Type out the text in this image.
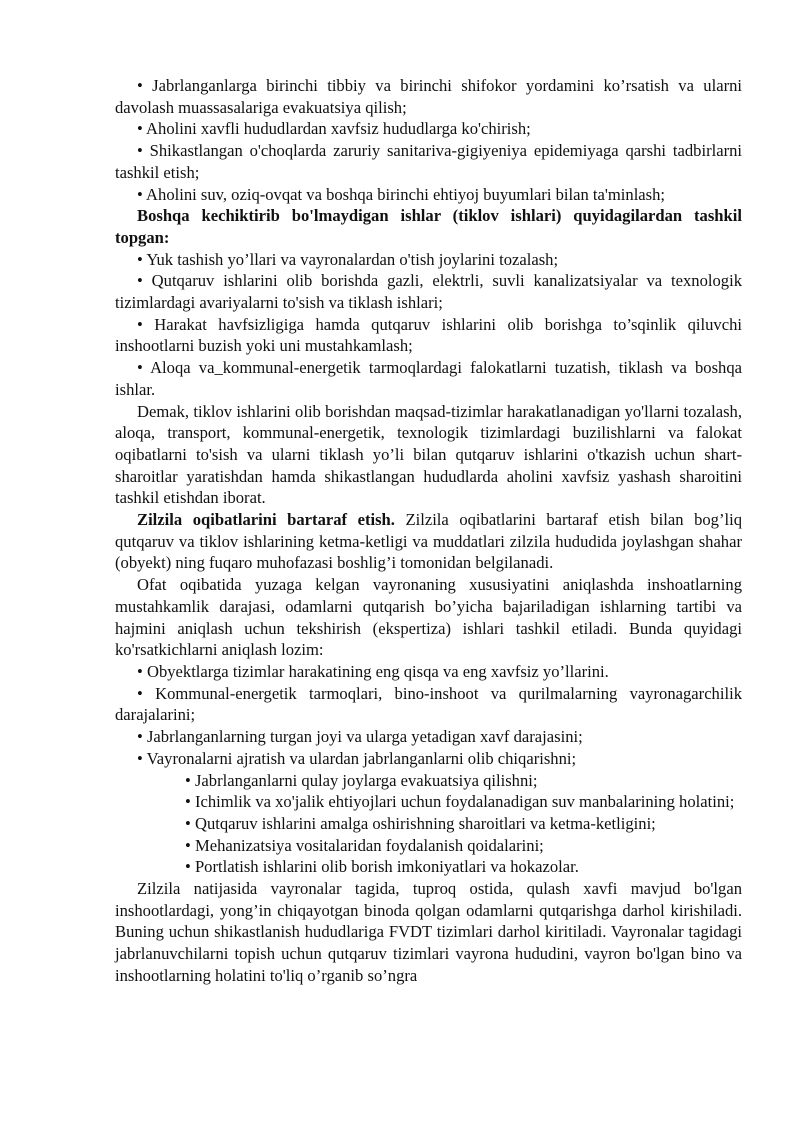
• Jabrlanganlarga birinchi tibbiy va birinchi shifokor yordamini ko’rsatish va ularni davolash muassasalariga evakuatsiya qilish;

• Aholini xavfli hududlardan xavfsiz hududlarga ko'chirish;

• Shikastlangan o'choqlarda zaruriy sanitariva-gigiyeniya epidemiyaga qarshi tadbirlarni tashkil etish;

• Aholini suv, oziq-ovqat va boshqa birinchi ehtiyoj buyumlari bilan ta'minlash;

Boshqa kechiktirib bo'lmaydigan ishlar (tiklov ishlari) quyidagilardan tashkil topgan:

• Yuk tashish yo’llari va vayronalardan o'tish joylarini tozalash;

• Qutqaruv ishlarini olib borishda gazli, elektrli, suvli kanalizatsiyalar va texnologik tizimlardagi avariyalarni to'sish va tiklash ishlari;

• Harakat havfsizligiga hamda qutqaruv ishlarini olib borishga to’sqinlik qiluvchi inshootlarni buzish yoki uni mustahkamlash;

• Aloqa va_kommunal-energetik tarmoqlardagi falokatlarni tuzatish, tiklash va boshqa ishlar.

Demak, tiklov ishlarini olib borishdan maqsad-tizimlar harakatlanadigan yo'llarni tozalash, aloqa, transport, kommunal-energetik, texnologik tizimlardagi buzilishlarni va falokat oqibatlarni to'sish va ularni tiklash yo’li bilan qutqaruv ishlarini o'tkazish uchun shart-sharoitlar yaratishdan hamda shikastlangan hududlarda aholini xavfsiz yashash sharoitini tashkil etishdan iborat.

Zilzila oqibatlarini bartaraf etish. Zilzila oqibatlarini bartaraf etish bilan bog’liq qutqaruv va tiklov ishlarining ketma-ketligi va muddatlari zilzila hududida joylashgan shahar (obyekt) ning fuqaro muhofazasi boshlig’i tomonidan belgilanadi.

Ofat oqibatida yuzaga kelgan vayronaning xususiyatini aniqlashda inshoatlarning mustahkamlik darajasi, odamlarni qutqarish bo’yicha bajariladigan ishlarning tartibi va hajmini aniqlash uchun tekshirish (ekspertiza) ishlari tashkil etiladi. Bunda quyidagi ko'rsatkichlarni aniqlash lozim:

• Obyektlarga tizimlar harakatining eng qisqa va eng xavfsiz yo’llarini.

• Kommunal-energetik tarmoqlari, bino-inshoot va qurilmalarning vayronagarchilik darajalarini;

• Jabrlanganlarning turgan joyi va ularga yetadigan xavf darajasini;

• Vayronalarni ajratish va ulardan jabrlanganlarni olib chiqarishni;

• Jabrlanganlarni qulay joylarga evakuatsiya qilishni;

• Ichimlik va xo'jalik ehtiyojlari uchun foydalanadigan suv manbalarining holatini;

• Qutqaruv ishlarini amalga oshirishning sharoitlari va ketma-ketligini;

• Mehanizatsiya vositalaridan foydalanish qoidalarini;

• Portlatish ishlarini olib borish imkoniyatlari va hokazolar.

Zilzila natijasida vayronalar tagida, tuproq ostida, qulash xavfi mavjud bo'lgan inshootlardagi, yong’in chiqayotgan binoda qolgan odamlarni qutqarishga darhol kirishiladi. Buning uchun shikastlanish hududlariga FVDT tizimlari darhol kiritiladi. Vayronalar tagidagi jabrlanuvchilarni topish uchun qutqaruv tizimlari vayrona hududini, vayron bo'lgan bino va inshootlarning holatini to'liq o’rganib so’ngra
